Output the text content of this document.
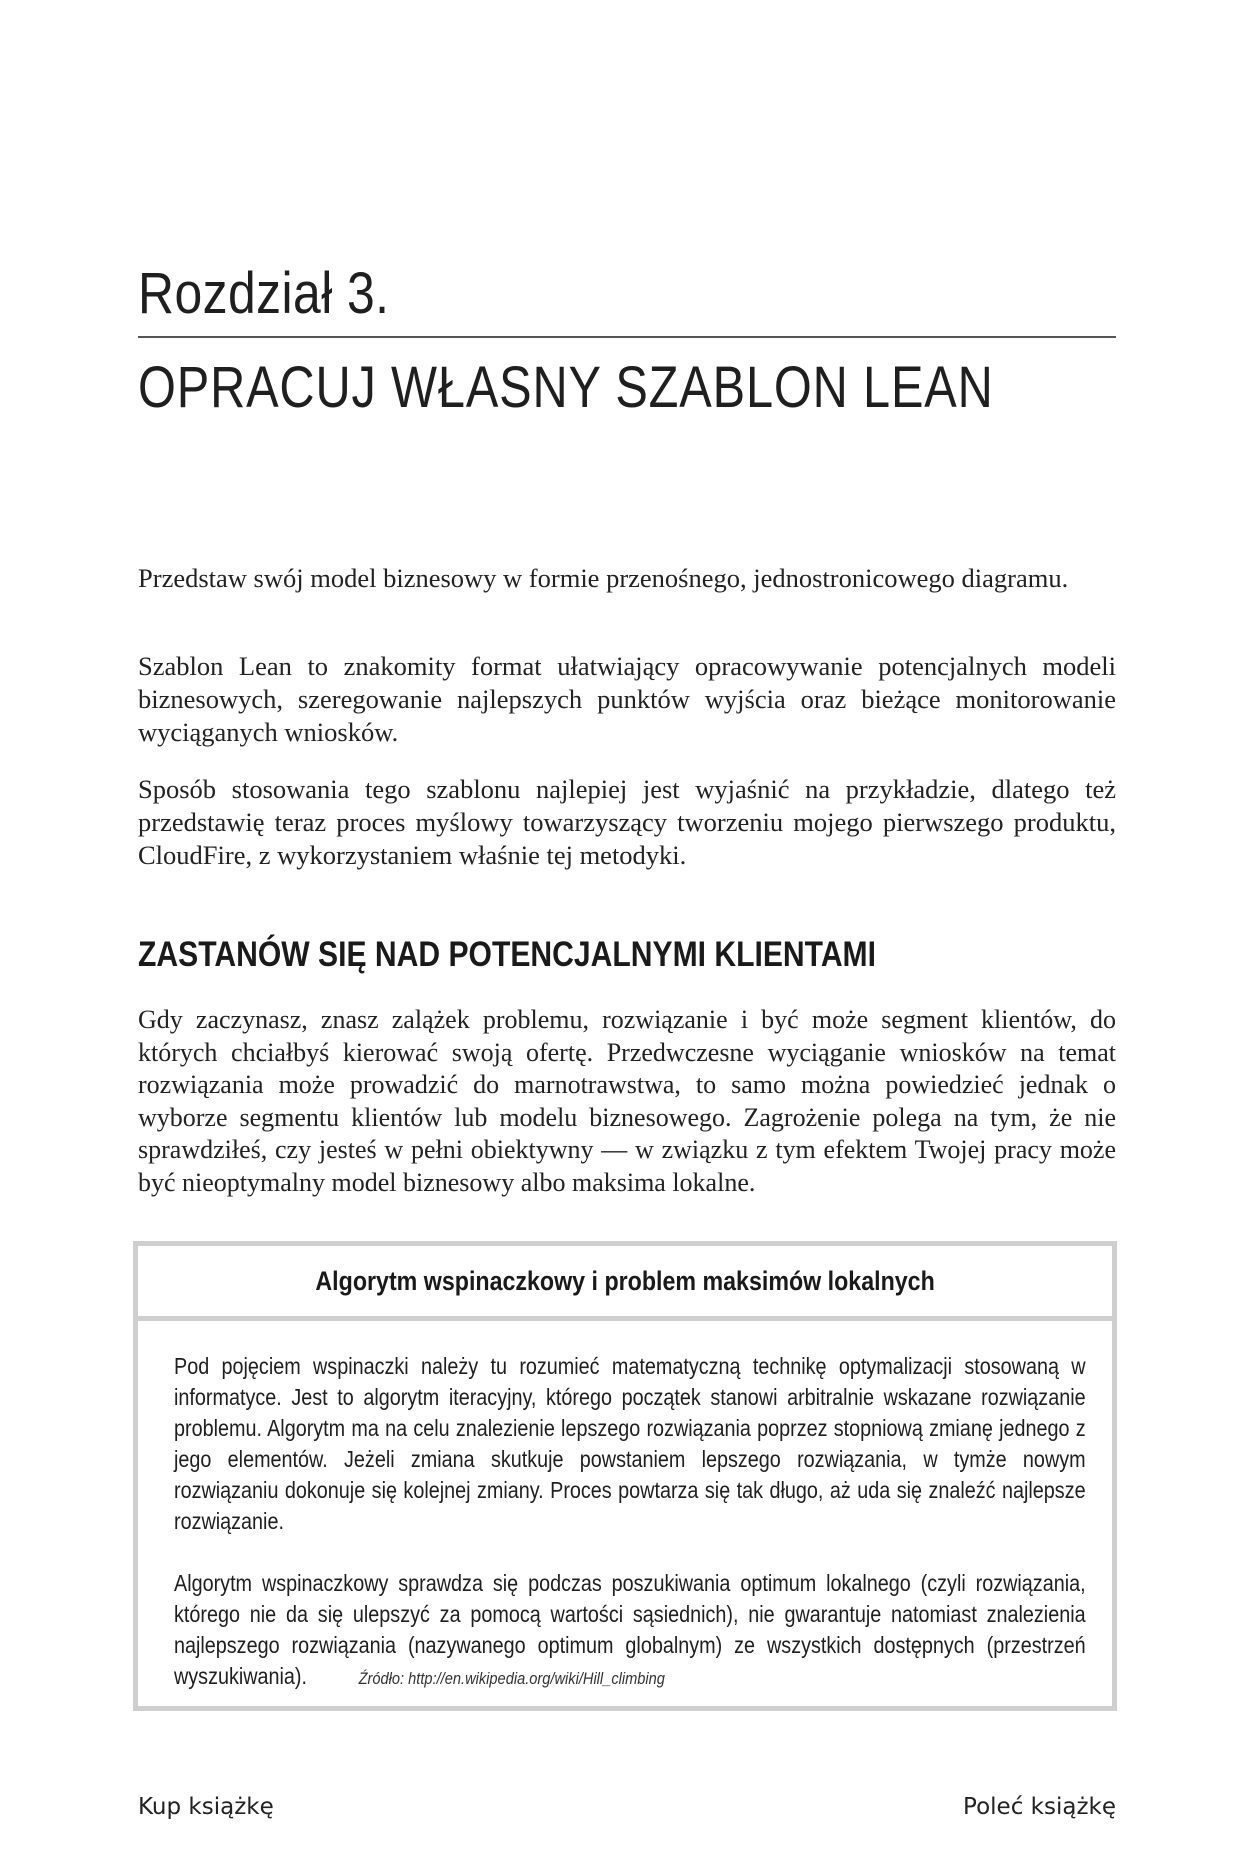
Rozdział 3.
OPRACUJ WŁASNY SZABLON LEAN

Przedstaw swój model biznesowy w formie przenośnego, jednostronicowego diagramu.

Szablon Lean to znakomity format ułatwiający opracowywanie potencjalnych modeli biznesowych, szeregowanie najlepszych punktów wyjścia oraz bieżące monitorowanie wyciąganych wniosków.

Sposób stosowania tego szablonu najlepiej jest wyjaśnić na przykładzie, dlatego też przedstawię teraz proces myślowy towarzyszący tworzeniu mojego pierwszego produktu, CloudFire, z wykorzystaniem właśnie tej metodyki.

ZASTANÓW SIĘ NAD POTENCJALNYMI KLIENTAMI

Gdy zaczynasz, znasz zalążek problemu, rozwiązanie i być może segment klientów, do których chciałbyś kierować swoją ofertę. Przedwczesne wyciąganie wniosków na temat rozwiązania może prowadzić do marnotrawstwa, to samo można powiedzieć jednak o wyborze segmentu klientów lub modelu biznesowego. Zagrożenie polega na tym, że nie sprawdziłeś, czy jesteś w pełni obiektywny — w związku z tym efektem Twojej pracy może być nieoptymalny model biznesowy albo maksima lokalne.

Algorytm wspinaczkowy i problem maksimów lokalnych

Pod pojęciem wspinaczki należy tu rozumieć matematyczną technikę optymalizacji stosowaną w informatyce. Jest to algorytm iteracyjny, którego początek stanowi arbitralnie wskazane rozwiązanie problemu. Algorytm ma na celu znalezienie lepszego rozwiązania poprzez stopniową zmianę jednego z jego elementów. Jeżeli zmiana skutkuje powstaniem lepszego rozwiązania, w tymże nowym rozwiązaniu dokonuje się kolejnej zmiany. Proces powtarza się tak długo, aż uda się znaleźć najlepsze rozwiązanie.

Algorytm wspinaczkowy sprawdza się podczas poszukiwania optimum lokalnego (czyli rozwiązania, którego nie da się ulepszyć za pomocą wartości sąsiednich), nie gwarantuje natomiast znalezienia najlepszego rozwiązania (nazywanego optimum globalnym) ze wszystkich dostępnych (przestrzeń wyszukiwania).	Źródło: http://en.wikipedia.org/wiki/Hill_climbing

Kup książkę	Poleć książkę
